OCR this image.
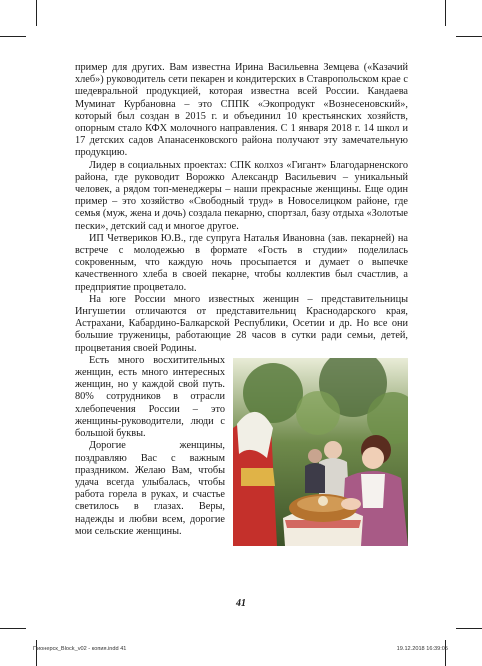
пример для других. Вам известна Ирина Васильевна Земцева («Казачий хлеб») руководитель сети пекарен и кондитерских в Ставропольском крае с шедевральной продукцией, которая известна всей России. Кандаева Муминат Курбановна – это СППК «Экопродукт «Вознесеновский», который был создан в 2015 г. и объединил 10 крестьянских хозяйств, опорным стало КФХ молочного направления. С 1 января 2018 г. 14 школ и 17 детских садов Апанасенковского района получают эту замечательную продукцию.

Лидер в социальных проектах: СПК колхоз «Гигант» Благодарненского района, где руководит Ворожко Александр Васильевич – уникальный человек, а рядом топ-менеджеры – наши прекрасные женщины. Еще один пример – это хозяйство «Свободный труд» в Новоселицком районе, где семья (муж, жена и дочь) создала пекарню, спортзал, базу отдыха «Золотые пески», детский сад и многое другое.

ИП Четвериков Ю.В., где супруга Наталья Ивановна (зав. пекарней) на встрече с молодежью в формате «Гость в студии» поделилась сокровенным, что каждую ночь просыпается и думает о выпечке качественного хлеба в своей пекарне, чтобы коллектив был счастлив, а предприятие процветало.

На юге России много известных женщин – представительницы Ингушетии отличаются от представительниц Краснодарского края, Астрахани, Кабардино-Балкарской Республики, Осетии и др. Но все они большие труженицы, работающие 28 часов в сутки ради семьи, детей, процветания своей Родины.

Есть много восхитительных женщин, есть много интересных женщин, но у каждой свой путь. 80% сотрудников в отрасли хлебопечения России – это женщины-руководители, люди с большой буквы.

Дорогие женщины, поздравляю Вас с важным праздником. Желаю Вам, чтобы удача всегда улыбалась, чтобы работа горела в руках, и счастье светилось в глазах. Веры, надежды и любви всем, дорогие мои сельские женщины.

41
Пионерск_Block_v02 - копия.indd 41	19.12.2018 16:39:05
